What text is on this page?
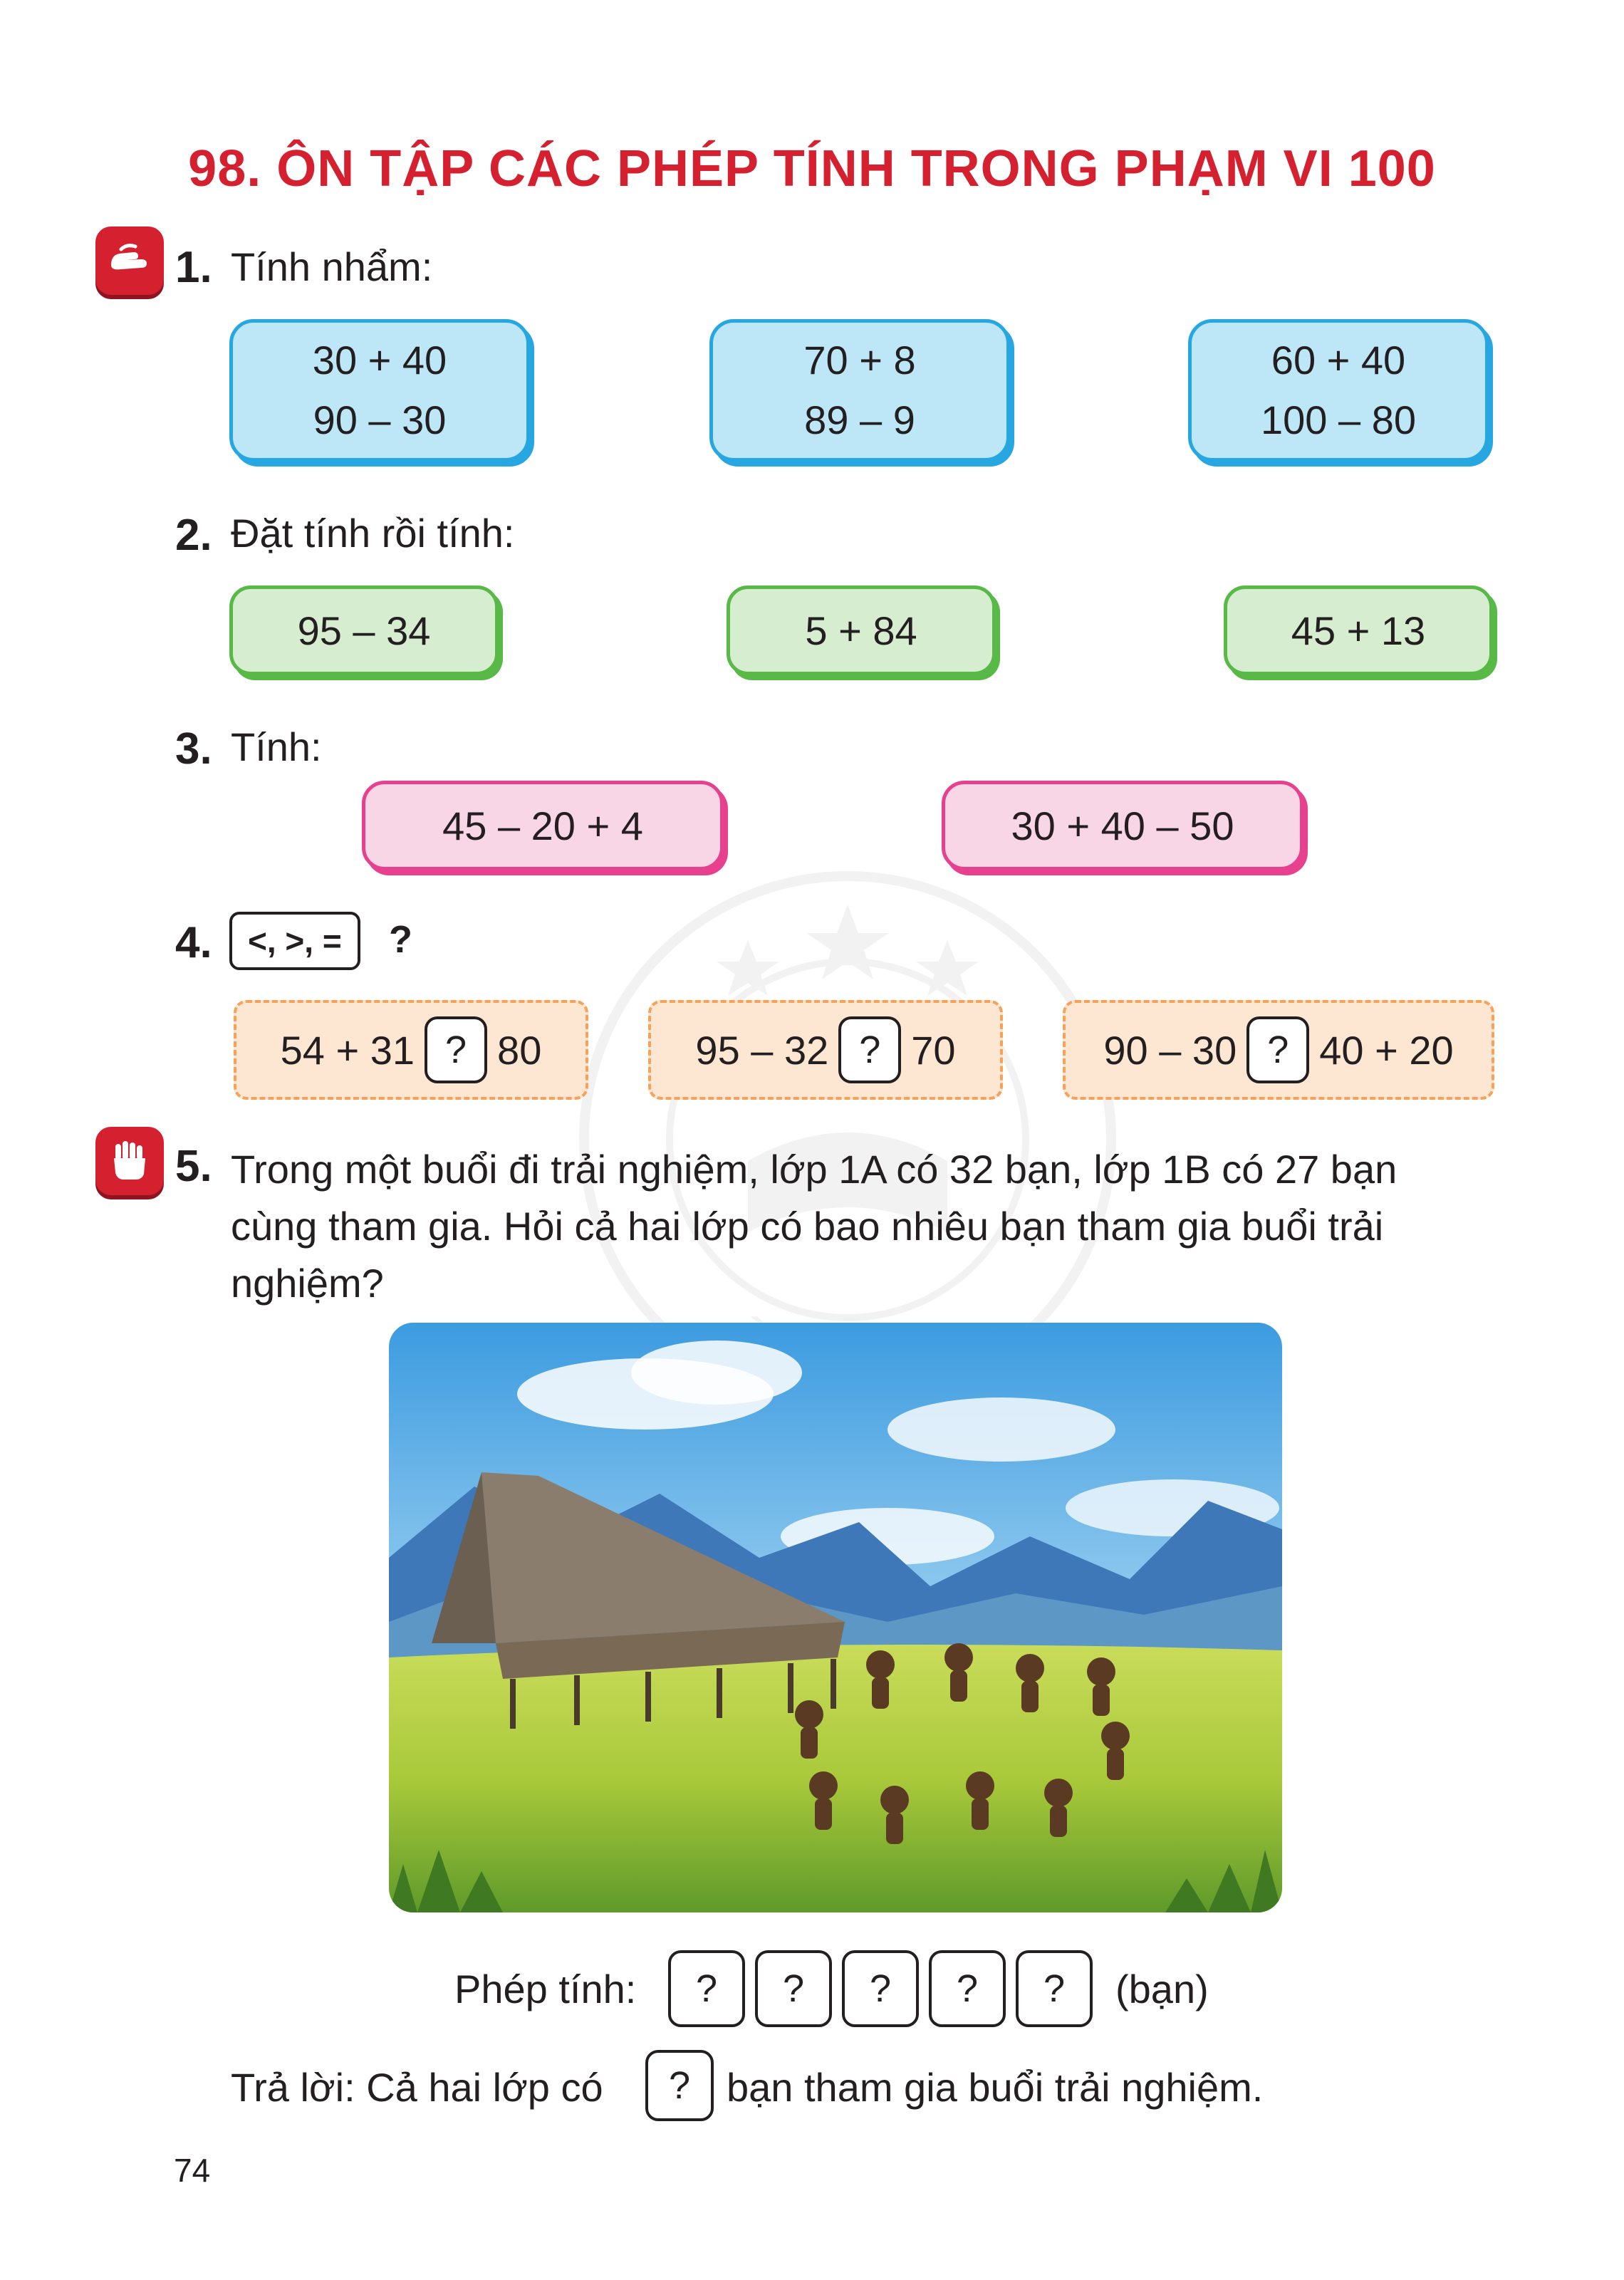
98. ÔN TẬP CÁC PHÉP TÍNH TRONG PHẠM VI 100
1. Tính nhẩm:
30 + 40
90 – 30
70 + 8
89 – 9
60 + 40
100 – 80
2. Đặt tính rồi tính:
95 – 34	5 + 84	45 + 13
3. Tính:
45 – 20 + 4	30 + 40 – 50
4.	<, >, =	?
54 + 31 ? 80	95 – 32 ? 70	90 – 30 ? 40 + 20
5. Trong một buổi đi trải nghiệm, lớp 1A có 32 bạn, lớp 1B có 27 bạn
cùng tham gia. Hỏi cả hai lớp có bao nhiêu bạn tham gia buổi trải
nghiệm?
Phép tính:	?	?	?	?	?	(bạn)
Trả lời: Cả hai lớp có	? bạn tham gia buổi trải nghiệm.
74
